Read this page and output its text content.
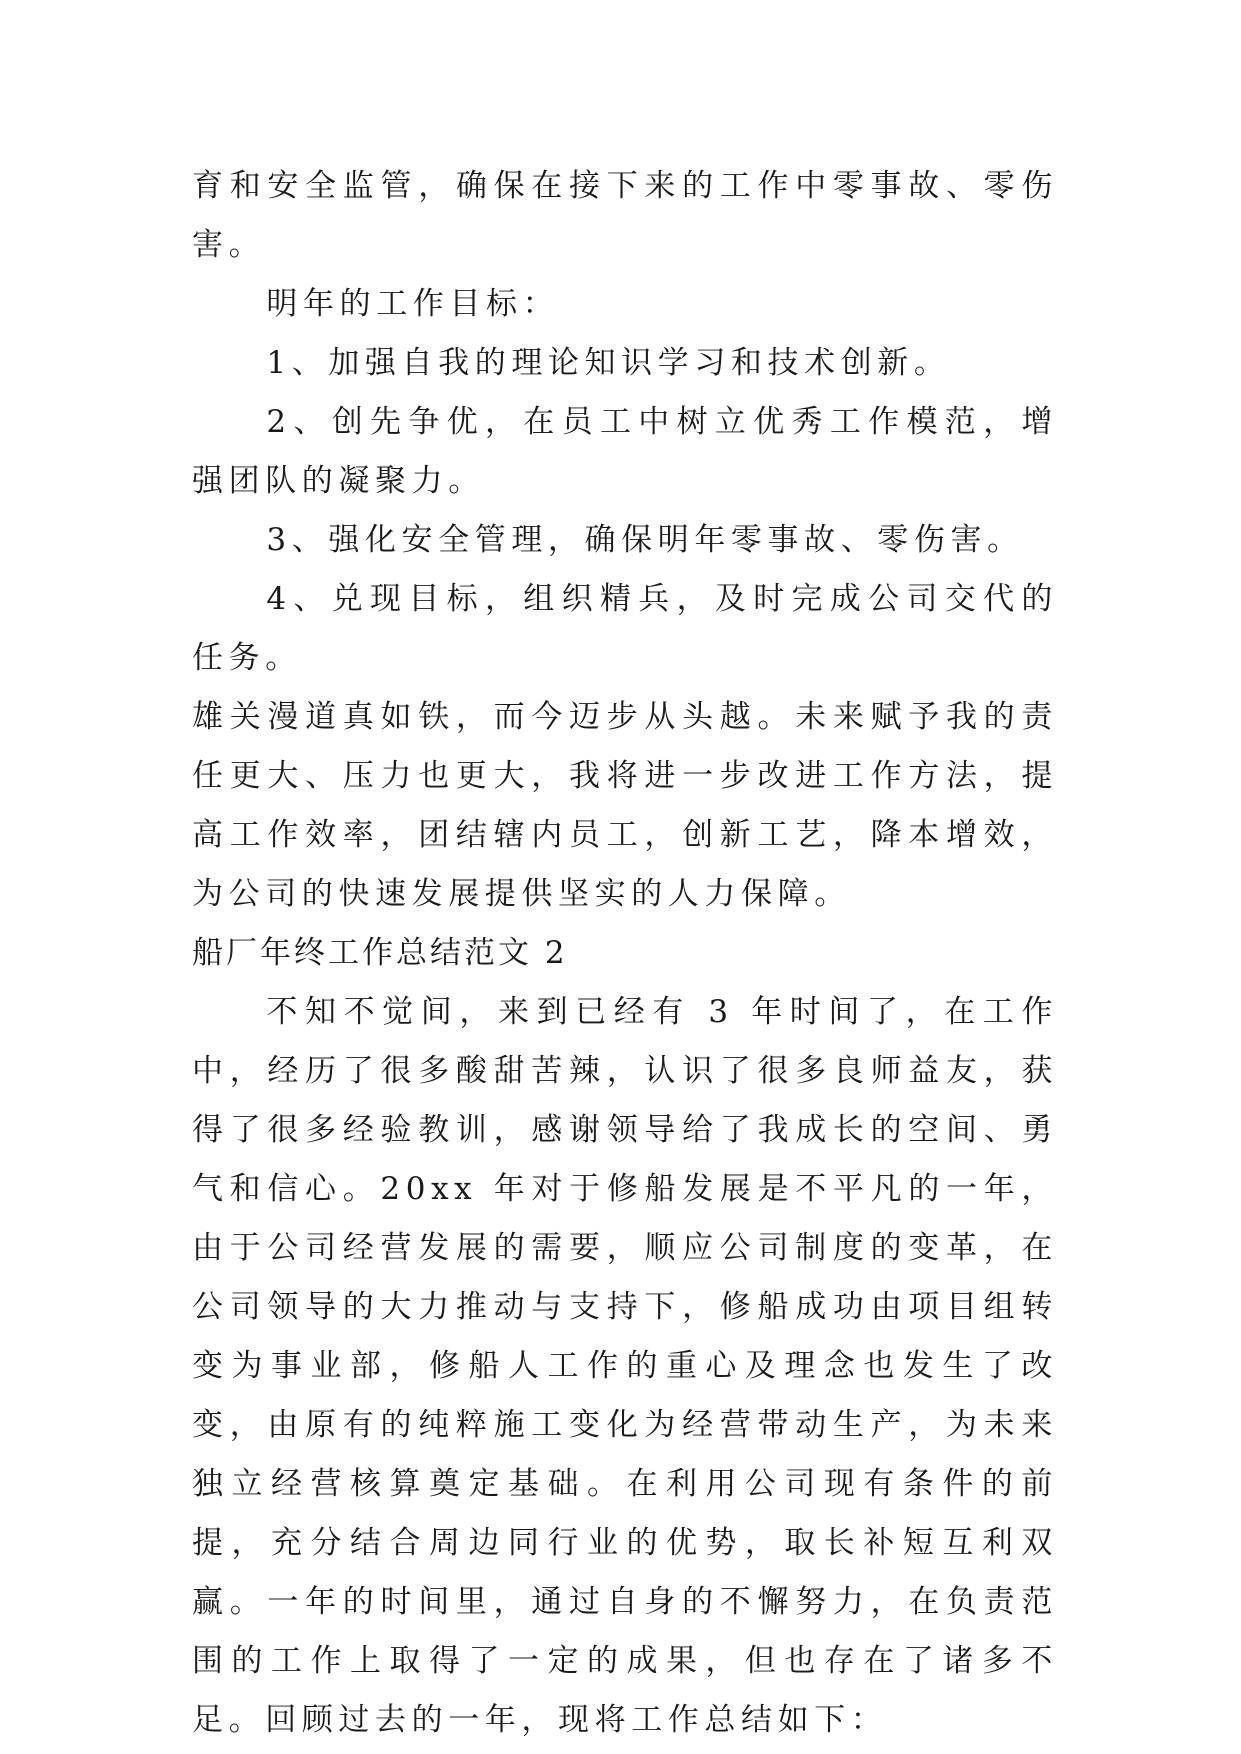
育和安全监管，确保在接下来的工作中零事故、零伤害。

明年的工作目标：

1、加强自我的理论知识学习和技术创新。

2、创先争优，在员工中树立优秀工作模范，增强团队的凝聚力。

3、强化安全管理，确保明年零事故、零伤害。

4、兑现目标，组织精兵，及时完成公司交代的任务。

雄关漫道真如铁，而今迈步从头越。未来赋予我的责任更大、压力也更大，我将进一步改进工作方法，提高工作效率，团结辖内员工，创新工艺，降本增效，为公司的快速发展提供坚实的人力保障。

船厂年终工作总结范文 2

不知不觉间，来到已经有 3 年时间了，在工作中，经历了很多酸甜苦辣，认识了很多良师益友，获得了很多经验教训，感谢领导给了我成长的空间、勇气和信心。20xx 年对于修船发展是不平凡的一年，由于公司经营发展的需要，顺应公司制度的变革，在公司领导的大力推动与支持下，修船成功由项目组转变为事业部，修船人工作的重心及理念也发生了改变，由原有的纯粹施工变化为经营带动生产，为未来独立经营核算奠定基础。在利用公司现有条件的前提，充分结合周边同行业的优势，取长补短互利双赢。一年的时间里，通过自身的不懈努力，在负责范围的工作上取得了一定的成果，但也存在了诸多不足。回顾过去的一年，现将工作总结如下：
